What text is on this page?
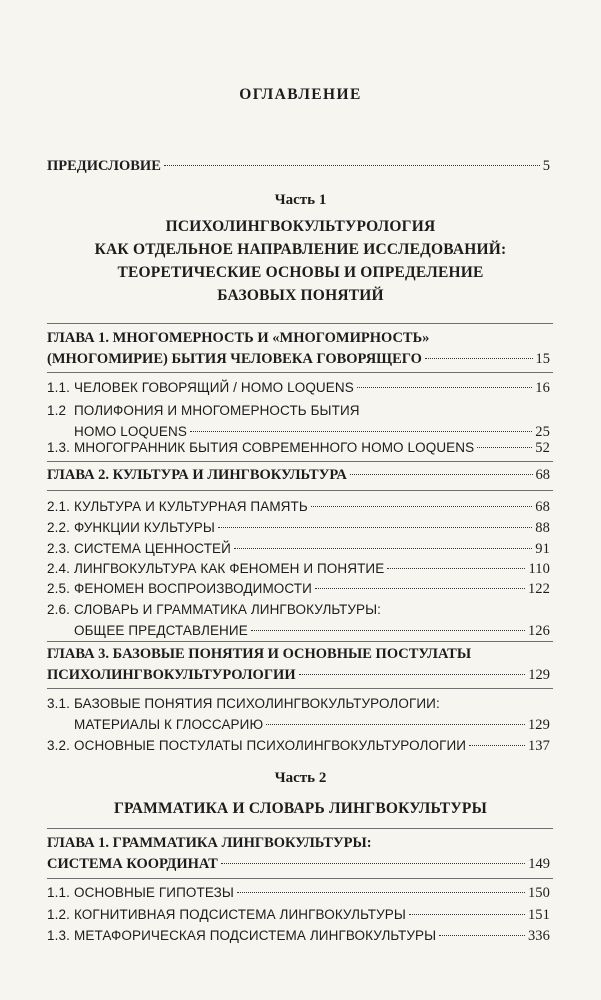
ОГЛАВЛЕНИЕ
ПРЕДИСЛОВИЕ	5
Часть 1
ПСИХОЛИНГВОКУЛЬТУРОЛОГИЯ
КАК ОТДЕЛЬНОЕ НАПРАВЛЕНИЕ ИССЛЕДОВАНИЙ:
ТЕОРЕТИЧЕСКИЕ ОСНОВЫ И ОПРЕДЕЛЕНИЕ
БАЗОВЫХ ПОНЯТИЙ
ГЛАВА 1. МНОГОМЕРНОСТЬ И «МНОГОМИРНОСТЬ»
(МНОГОМИРИЕ) БЫТИЯ ЧЕЛОВЕКА ГОВОРЯЩЕГО	15
1.1. ЧЕЛОВЕК ГОВОРЯЩИЙ / HOMO LOQUENS	16
1.2 ПОЛИФОНИЯ И МНОГОМЕРНОСТЬ БЫТИЯ
HOMO LOQUENS	25
1.3. МНОГОГРАННИК БЫТИЯ СОВРЕМЕННОГО HOMO LOQUENS	52
ГЛАВА 2. КУЛЬТУРА И ЛИНГВОКУЛЬТУРА	68
2.1. КУЛЬТУРА И КУЛЬТУРНАЯ ПАМЯТЬ	68
2.2. ФУНКЦИИ КУЛЬТУРЫ	88
2.3. СИСТЕМА ЦЕННОСТЕЙ	91
2.4. ЛИНГВОКУЛЬТУРА КАК ФЕНОМЕН И ПОНЯТИЕ	110
2.5. ФЕНОМЕН ВОСПРОИЗВОДИМОСТИ	122
2.6. СЛОВАРЬ И ГРАММАТИКА ЛИНГВОКУЛЬТУРЫ:
ОБЩЕЕ ПРЕДСТАВЛЕНИЕ	126
ГЛАВА 3. БАЗОВЫЕ ПОНЯТИЯ И ОСНОВНЫЕ ПОСТУЛАТЫ
ПСИХОЛИНГВОКУЛЬТУРОЛОГИИ	129
3.1. БАЗОВЫЕ ПОНЯТИЯ ПСИХОЛИНГВОКУЛЬТУРОЛОГИИ:
МАТЕРИАЛЫ К ГЛОССАРИЮ	129
3.2. ОСНОВНЫЕ ПОСТУЛАТЫ ПСИХОЛИНГВОКУЛЬТУРОЛОГИИ	137
Часть 2
ГРАММАТИКА И СЛОВАРЬ ЛИНГВОКУЛЬТУРЫ
ГЛАВА 1. ГРАММАТИКА ЛИНГВОКУЛЬТУРЫ:
СИСТЕМА КООРДИНАТ	149
1.1. ОСНОВНЫЕ ГИПОТЕЗЫ	150
1.2. КОГНИТИВНАЯ ПОДСИСТЕМА ЛИНГВОКУЛЬТУРЫ	151
1.3. МЕТАФОРИЧЕСКАЯ ПОДСИСТЕМА ЛИНГВОКУЛЬТУРЫ	336
